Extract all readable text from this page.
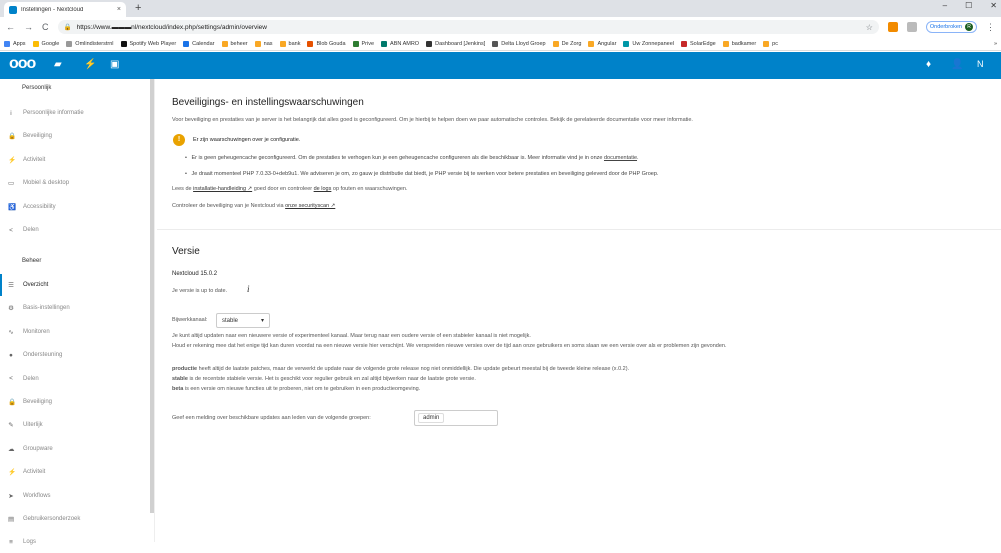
Instellingen - Nextcloud	× +	– ☐ ✕
← → C 🔒 https://www.▬▬▬nl/nextcloud/index.php/settings/admin/overview	☆	Onderbroken	R ⋮
Apps	Google	Omlindisterstrnl	Spotify Web Player	Calendar	beheer	nas	bank	Blob Gouda	Prive	ABN AMRO	Dashboard [Jenkins]	Delta Lloyd Groep	De Zorg	Angular	Uw Zonnepaneel	SolarEdge	badkamer	pc	»
ooo ▰ ⚡ ▣	♦ 👤 N
Persoonlijk
i	Persoonlijke informatie
🔒 Beveiliging
⚡ Activiteit
▭ Mobiel & desktop
♿ Accessibility
< Delen
Beheer
☰ Overzicht
⚙ Basis-instellingen
∿ Monitoren
● Ondersteuning
< Delen
🔒 Beveiliging
✎ Uiterlijk
☁ Groupware
⚡ Activiteit
➤ Workflows
▤ Gebruikersonderzoek
≡ Logs
Beveiligings- en instellingswaarschuwingen
Voor beveiliging en prestaties van je server is het belangrijk dat alles goed is geconfigureerd. Om je hierbij te helpen doen we paar automatische controles. Bekijk de gerelateerde documentatie voor meer informatie.
!	Er zijn waarschuwingen over je configuratie.
•   Er is geen geheugencache geconfigureerd. Om de prestaties te verhogen kun je een geheugencache configureren als die beschikbaar is. Meer informatie vind je in onze documentatie.
•   Je draait momenteel PHP 7.0.33-0+deb9u1. We adviseren je om, zo gauw je distributie dat biedt, je PHP versie bij te werken voor betere prestaties en beveiliging geleverd door de PHP Groep.
Lees de installatie-handleiding ↗ goed door en controleer de logs op fouten en waarschuwingen.
Controleer de beveiliging van je Nextcloud via onze securityscan ↗
Versie
Nextcloud 15.0.2
Je versie is up to date. i
Bijwerkkanaal: stable	▾
Je kunt altijd updaten naar een nieuwere versie of experimenteel kanaal. Maar terug naar een oudere versie of een stabieler kanaal is niet mogelijk.
Houd er rekening mee dat het enige tijd kan duren voordat na een nieuwe versie hier verschijnt. We verspreiden nieuwe versies over de tijd aan onze gebruikers en soms slaan we een versie over als er problemen zijn gevonden.
productie heeft altijd de laatste patches, maar de verwerkt de update naar de volgende grote release nog niet onmiddellijk. Die update gebeurt meestal bij de tweede kleine release (x.0.2).
stable is de recentste stabiele versie. Het is geschikt voor regulier gebruik en zal altijd bijwerken naar de laatste grote versie.
beta is een versie om nieuwe functies uit te proberen, niet om te gebruiken in een productieomgeving.
Geef een melding over beschikbare updates aan leden van de volgende groepen:	admin
